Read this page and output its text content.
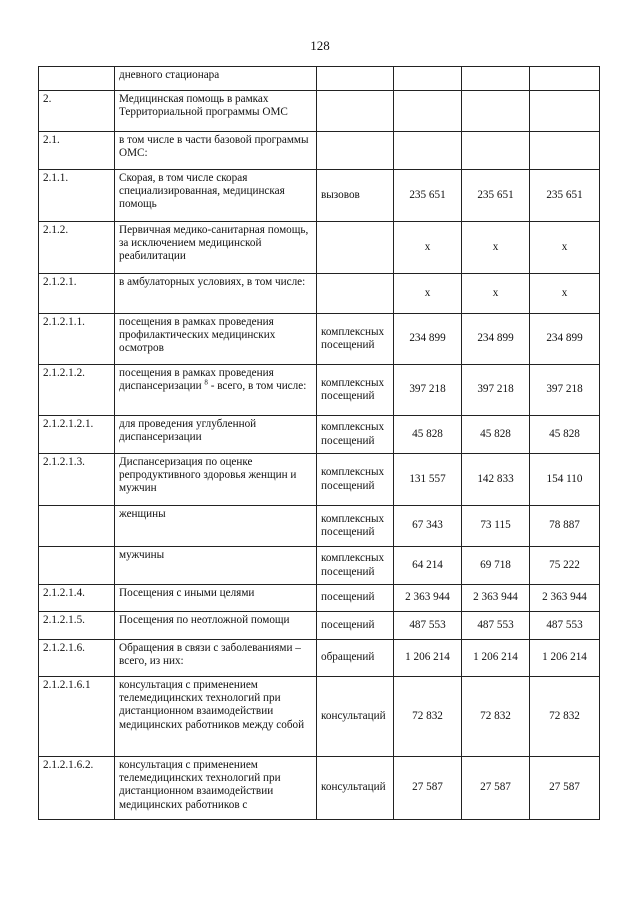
128
	дневного стационара				
2.	Медицинская помощь в рамках Территориальной программы ОМС				
2.1.	в том числе в части базовой программы ОМС:				
2.1.1.	Скорая, в том числе скорая специализированная, медицинская помощь	вызовов	235 651	235 651	235 651
2.1.2.	Первичная медико-санитарная помощь, за исключением медицинской реабилитации		x	x	x
2.1.2.1.	в амбулаторных условиях, в том числе:		x	x	x
2.1.2.1.1.	посещения в рамках проведения профилактических медицинских осмотров	комплексных посещений	234 899	234 899	234 899
2.1.2.1.2.	посещения в рамках проведения диспансеризации $^8$ - всего, в том числе:	комплексных посещений	397 218	397 218	397 218
2.1.2.1.2.1.	для проведения углубленной диспансеризации	комплексных посещений	45 828	45 828	45 828
2.1.2.1.3.	Диспансеризация по оценке репродуктивного здоровья женщин и мужчин	комплексных посещений	131 557	142 833	154 110
	женщины	комплексных посещений	67 343	73 115	78 887
	мужчины	комплексных посещений	64 214	69 718	75 222
2.1.2.1.4.	Посещения с иными целями	посещений	2 363 944	2 363 944	2 363 944
2.1.2.1.5.	Посещения по неотложной помощи	посещений	487 553	487 553	487 553
2.1.2.1.6.	Обращения в связи с заболеваниями – всего, из них:	обращений	1 206 214	1 206 214	1 206 214
2.1.2.1.6.1	консультация с применением телемедицинских технологий при дистанционном взаимодействии медицинских работников между собой	консультаций	72 832	72 832	72 832
2.1.2.1.6.2.	консультация с применением телемедицинских технологий при дистанционном взаимодействии медицинских работников с	консультаций	27 587	27 587	27 587
